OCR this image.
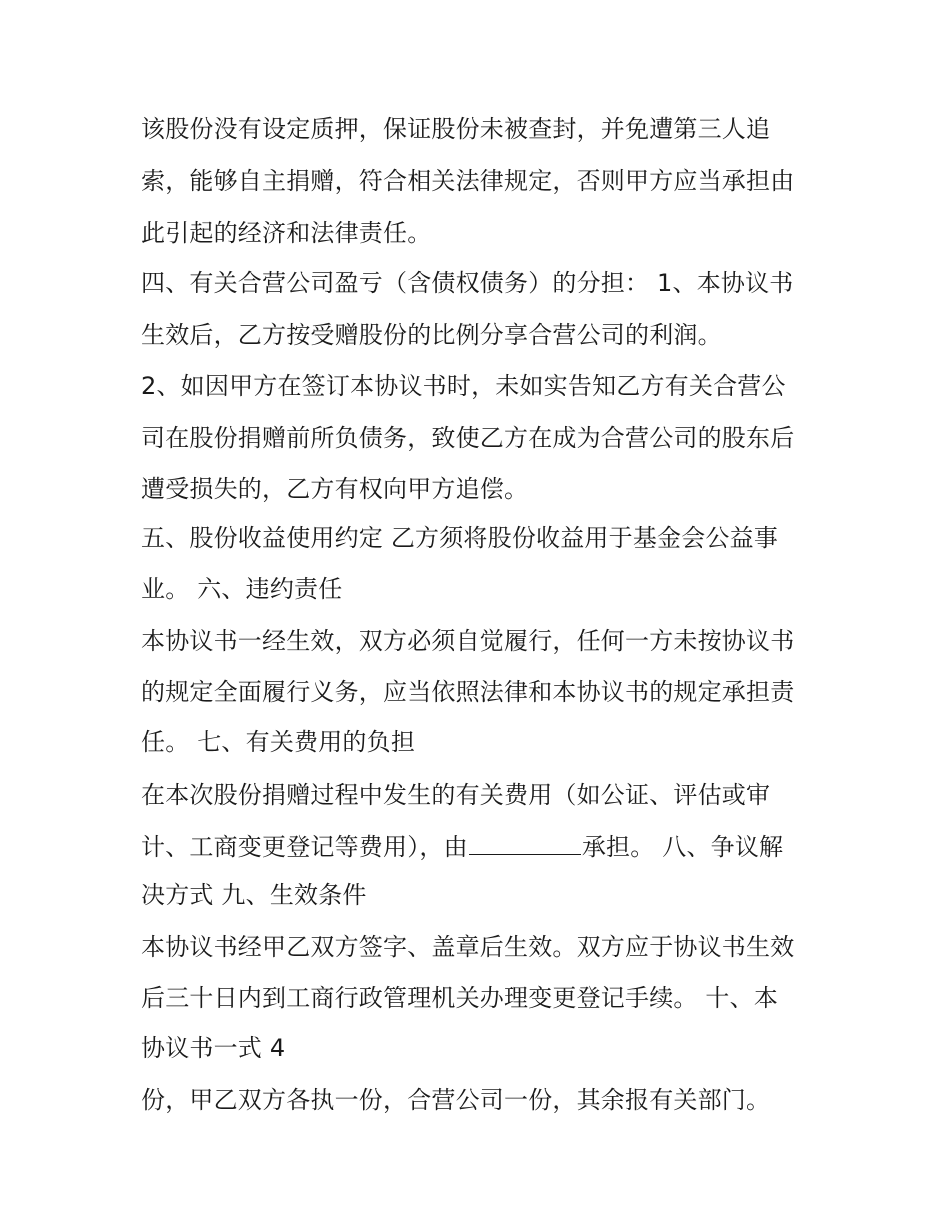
该股份没有设定质押，保证股份未被查封，并免遭第三人追
索，能够自主捐赠，符合相关法律规定，否则甲方应当承担由
此引起的经济和法律责任。
四、有关合营公司盈亏（含债权债务）的分担： 1、本协议书
生效后，乙方按受赠股份的比例分享合营公司的利润。
2、如因甲方在签订本协议书时，未如实告知乙方有关合营公
司在股份捐赠前所负债务，致使乙方在成为合营公司的股东后
遭受损失的，乙方有权向甲方追偿。
五、股份收益使用约定 乙方须将股份收益用于基金会公益事
业。 六、违约责任
本协议书一经生效，双方必须自觉履行，任何一方未按协议书
的规定全面履行义务，应当依照法律和本协议书的规定承担责
任。 七、有关费用的负担
在本次股份捐赠过程中发生的有关费用（如公证、评估或审
计、工商变更登记等费用），由	承担。 八、争议解
决方式 九、生效条件
本协议书经甲乙双方签字、盖章后生效。双方应于协议书生效
后三十日内到工商行政管理机关办理变更登记手续。 十、本
协议书一式 4
份，甲乙双方各执一份，合营公司一份，其余报有关部门。
